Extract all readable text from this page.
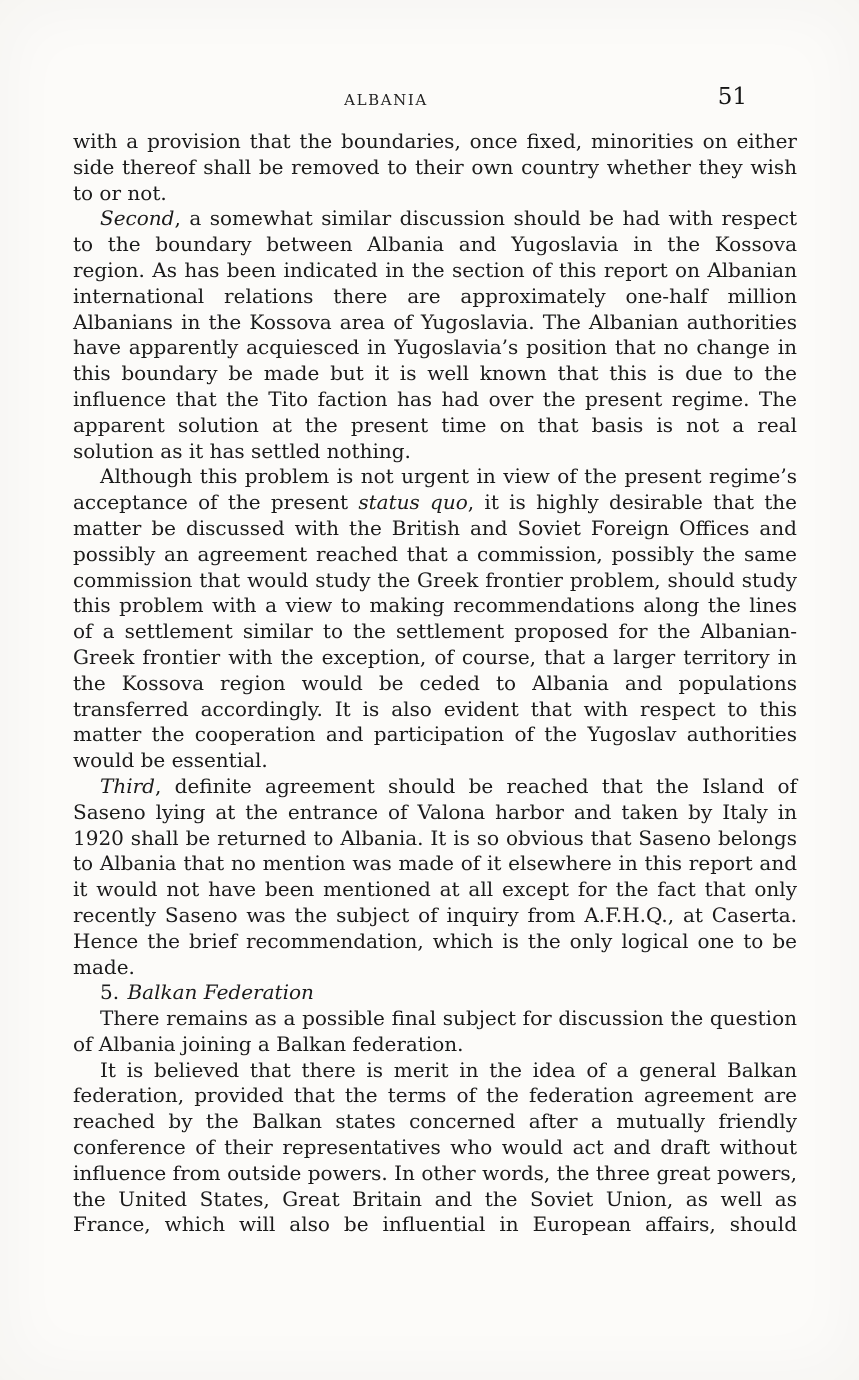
ALBANIA	51

with a provision that the boundaries, once fixed, minorities on either side thereof shall be removed to their own country whether they wish to or not.

Second, a somewhat similar discussion should be had with respect to the boundary between Albania and Yugoslavia in the Kossova region. As has been indicated in the section of this report on Albanian international relations there are approximately one-half million Albanians in the Kossova area of Yugoslavia. The Albanian authorities have apparently acquiesced in Yugoslavia’s position that no change in this boundary be made but it is well known that this is due to the influence that the Tito faction has had over the present regime. The apparent solution at the present time on that basis is not a real solution as it has settled nothing.

Although this problem is not urgent in view of the present regime’s acceptance of the present status quo, it is highly desirable that the matter be discussed with the British and Soviet Foreign Offices and possibly an agreement reached that a commission, possibly the same commission that would study the Greek frontier problem, should study this problem with a view to making recommendations along the lines of a settlement similar to the settlement proposed for the Albanian-Greek frontier with the exception, of course, that a larger territory in the Kossova region would be ceded to Albania and populations transferred accordingly. It is also evident that with respect to this matter the cooperation and participation of the Yugoslav authorities would be essential.

Third, definite agreement should be reached that the Island of Saseno lying at the entrance of Valona harbor and taken by Italy in 1920 shall be returned to Albania. It is so obvious that Saseno belongs to Albania that no mention was made of it elsewhere in this report and it would not have been mentioned at all except for the fact that only recently Saseno was the subject of inquiry from A.F.H.Q., at Caserta. Hence the brief recommendation, which is the only logical one to be made.

5. Balkan Federation

There remains as a possible final subject for discussion the question of Albania joining a Balkan federation.

It is believed that there is merit in the idea of a general Balkan federation, provided that the terms of the federation agreement are reached by the Balkan states concerned after a mutually friendly conference of their representatives who would act and draft without influence from outside powers. In other words, the three great powers, the United States, Great Britain and the Soviet Union, as well as France, which will also be influential in European affairs, should
